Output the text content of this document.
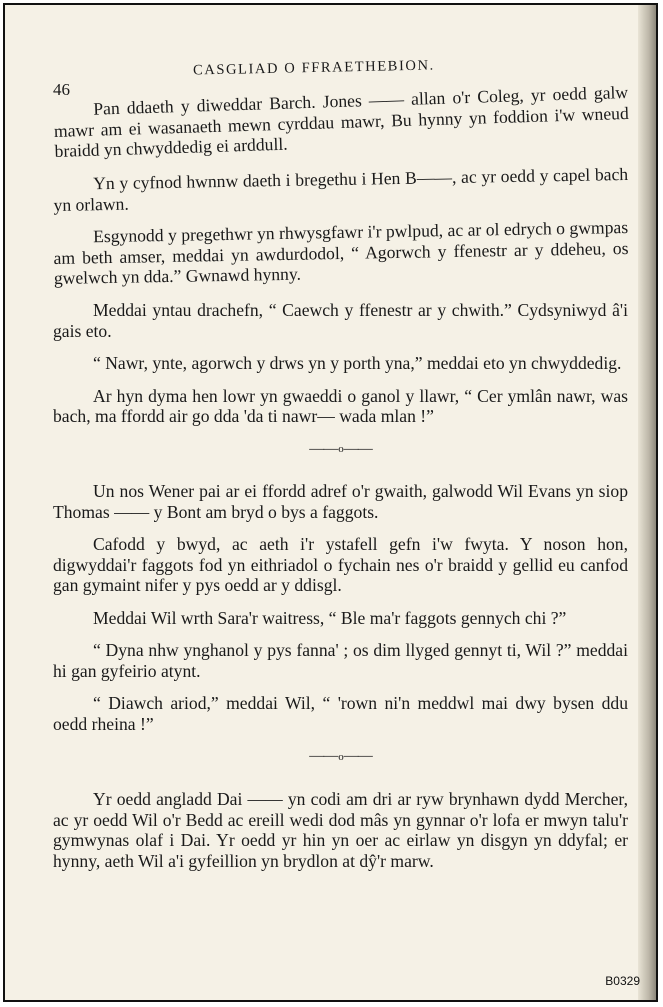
46
CASGLIAD O FFRAETHEBION.

Pan ddaeth y diweddar Barch. Jones —— allan o'r Coleg, yr oedd galw mawr am ei wasanaeth mewn cyrddau mawr, Bu hynny yn foddion i'w wneud braidd yn chwyddedig ei arddull.

Yn y cyfnod hwnnw daeth i bregethu i Hen B——, ac yr oedd y capel bach yn orlawn.

Esgynodd y pregethwr yn rhwysgfawr i'r pwlpud, ac ar ol edrych o gwmpas am beth amser, meddai yn awdurdodol, “ Agorwch y ffenestr ar y ddeheu, os gwelwch yn dda.” Gwnawd hynny.

Meddai yntau drachefn, “ Caewch y ffenestr ar y chwith.” Cydsyniwyd â'i gais eto.

“ Nawr, ynte, agorwch y drws yn y porth yna,” meddai eto yn chwyddedig.

Ar hyn dyma hen lowr yn gwaeddi o ganol y llawr, “ Cer ymlân nawr, was bach, ma ffordd air go dda 'da ti nawr— wada mlan !”

——o——

Un nos Wener pai ar ei ffordd adref o'r gwaith, galwodd Wil Evans yn siop Thomas —— y Bont am bryd o bys a faggots.

Cafodd y bwyd, ac aeth i'r ystafell gefn i'w fwyta. Y noson hon, digwyddai'r faggots fod yn eithriadol o fychain nes o'r braidd y gellid eu canfod gan gymaint nifer y pys oedd ar y ddisgl.

Meddai Wil wrth Sara'r waitress, “ Ble ma'r faggots gennych chi ?”

“ Dyna nhw ynghanol y pys fanna' ; os dim llyged gennyt ti, Wil ?” meddai hi gan gyfeirio atynt.

“ Diawch ariod,” meddai Wil, “ 'rown ni'n meddwl mai dwy bysen ddu oedd rheina !”

——o——

Yr oedd angladd Dai —— yn codi am dri ar ryw brynhawn dydd Mercher, ac yr oedd Wil o'r Bedd ac ereill wedi dod mâs yn gynnar o'r lofa er mwyn talu'r gymwynas olaf i Dai. Yr oedd yr hin yn oer ac eirlaw yn disgyn yn ddyfal; er hynny, aeth Wil a'i gyfeillion yn brydlon at dŷ'r marw.

B0329
